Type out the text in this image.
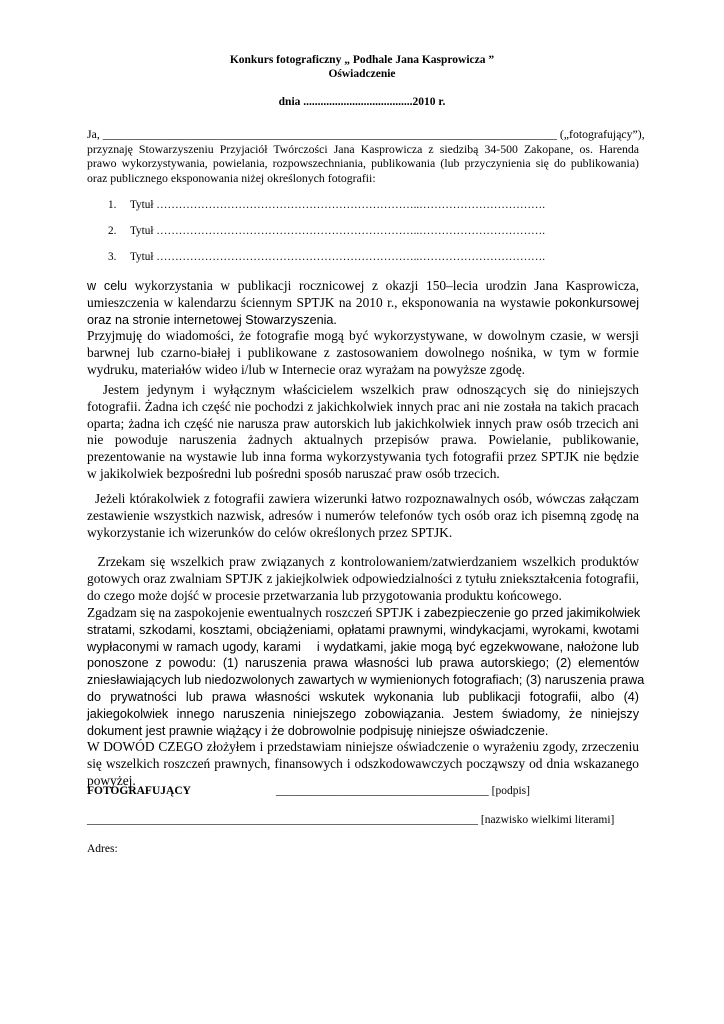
Konkurs fotograficzny „ Podhale Jana Kasprowicza ”
Oświadczenie
dnia ......................................2010 r.
Ja, _____________________________________________________________________________ („fotografujący”),
przyznaję Stowarzyszeniu Przyjaciół Twórczości Jana Kasprowicza z siedzibą 34-500 Zakopane, os. Harenda
prawo wykorzystywania, powielania, rozpowszechniania, publikowania (lub przyczynienia się do publikowania)
oraz publicznego eksponowania niżej określonych fotografii:
1. Tytuł ……………………………………………………………..…………………………….
2. Tytuł ……………………………………………………………..…………………………….
3. Tytuł ……………………………………………………………..…………………………….
w celu wykorzystania w publikacji rocznicowej z okazji 150–lecia urodzin Jana Kasprowicza,
umieszczenia w kalendarzu ściennym SPTJK na 2010 r., eksponowania na wystawie pokonkursowej
oraz na stronie internetowej Stowarzyszenia.
Przyjmuję do wiadomości, że fotografie mogą być wykorzystywane, w dowolnym czasie, w wersji
barwnej lub czarno-białej i publikowane z zastosowaniem dowolnego nośnika, w tym w formie
wydruku, materiałów wideo i/lub w Internecie oraz wyrażam na powyższe zgodę.
Jestem jedynym i wyłącznym właścicielem wszelkich praw odnoszących się do niniejszych
fotografii. Żadna ich część nie pochodzi z jakichkolwiek innych prac ani nie została na takich pracach
oparta; żadna ich część nie narusza praw autorskich lub jakichkolwiek innych praw osób trzecich ani
nie powoduje naruszenia żadnych aktualnych przepisów prawa. Powielanie, publikowanie,
prezentowanie na wystawie lub inna forma wykorzystywania tych fotografii przez SPTJK nie będzie
w jakikolwiek bezpośredni lub pośredni sposób naruszać praw osób trzecich.
Jeżeli którakolwiek z fotografii zawiera wizerunki łatwo rozpoznawalnych osób, wówczas załączam
zestawienie wszystkich nazwisk, adresów i numerów telefonów tych osób oraz ich pisemną zgodę na
wykorzystanie ich wizerunków do celów określonych przez SPTJK.
Zrzekam się wszelkich praw związanych z kontrolowaniem/zatwierdzaniem wszelkich produktów
gotowych oraz zwalniam SPTJK z jakiejkolwiek odpowiedzialności z tytułu zniekształcenia fotografii,
do czego może dojść w procesie przetwarzania lub przygotowania produktu końcowego.
Zgadzam się na zaspokojenie ewentualnych roszczeń SPTJK i zabezpieczenie go przed jakimikolwiek
stratami, szkodami, kosztami, obciążeniami, opłatami prawnymi, windykacjami, wyrokami, kwotami
wypłaconymi w ramach ugody, karami    i wydatkami, jakie mogą być egzekwowane, nałożone lub
ponoszone z powodu: (1) naruszenia prawa własności lub prawa autorskiego; (2) elementów
zniesławiających lub niedozwolonych zawartych w wymienionych fotografiach; (3) naruszenia prawa
do prywatności lub prawa własności wskutek wykonania lub publikacji fotografii, albo (4)
jakiegokolwiek innego naruszenia niniejszego zobowiązania. Jestem świadomy, że niniejszy
dokument jest prawnie wiążący i że dobrowolnie podpisuję niniejsze oświadczenie.
W DOWÓD CZEGO złożyłem i przedstawiam niniejsze oświadczenie o wyrażeniu zgody, zrzeczeniu
się wszelkich roszczeń prawnych, finansowych i odszkodowawczych począwszy od dnia wskazanego
powyżej.
FOTOGRAFUJĄCY	_____________________________________ [podpis]
____________________________________________________________________ [nazwisko wielkimi literami]
Adres:
